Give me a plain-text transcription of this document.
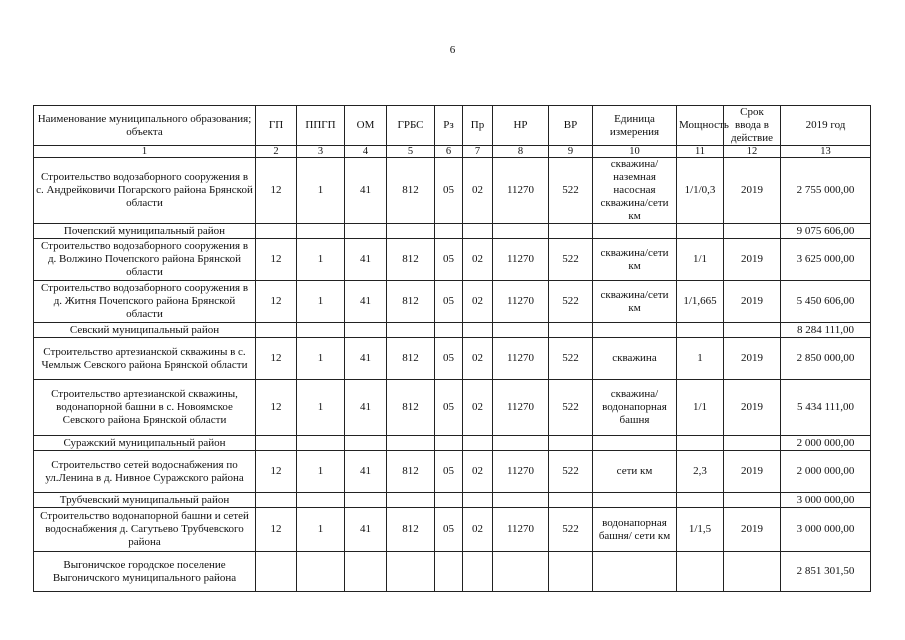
6
Наименование муниципального образования; объекта	ГП	ППГП	ОМ	ГРБС	Рз	Пр	НР	ВР	Единица измерения	Мощность	Срок ввода в действие	2019 год
1	2	3	4	5	6	7	8	9	10	11	12	13
Строительство водозаборного сооружения в с. Андрейковичи Погарского района Брянской области	12	1	41	812	05	02	11270	522	скважина/ наземная насосная скважина/сети км	1/1/0,3	2019	2 755 000,00
Почепский муниципальный район												9 075 606,00
Строительство водозаборного сооружения в д. Волжино Почепского района Брянской области	12	1	41	812	05	02	11270	522	скважина/сети км	1/1	2019	3 625 000,00
Строительство водозаборного сооружения в д. Житня Почепского района Брянской области	12	1	41	812	05	02	11270	522	скважина/сети км	1/1,665	2019	5 450 606,00
Севский муниципальный район												8 284 111,00
Строительство артезианской скважины в с. Чемлыж Севского района Брянской области	12	1	41	812	05	02	11270	522	скважина	1	2019	2 850 000,00
Строительство артезианской скважины, водонапорной башни в с. Новоямское Севского района Брянской области	12	1	41	812	05	02	11270	522	скважина/ водонапорная башня	1/1	2019	5 434 111,00
Суражский муниципальный район												2 000 000,00
Строительство сетей водоснабжения по ул.Ленина в д. Нивное Суражского района	12	1	41	812	05	02	11270	522	сети км	2,3	2019	2 000 000,00
Трубчевский муниципальный район												3 000 000,00
Строительство водонапорной башни и сетей водоснабжения д. Сагутьево Трубчевского района	12	1	41	812	05	02	11270	522	водонапорная башня/ сети км	1/1,5	2019	3 000 000,00
Выгоничское городское поселение Выгоничского муниципального района												2 851 301,50
